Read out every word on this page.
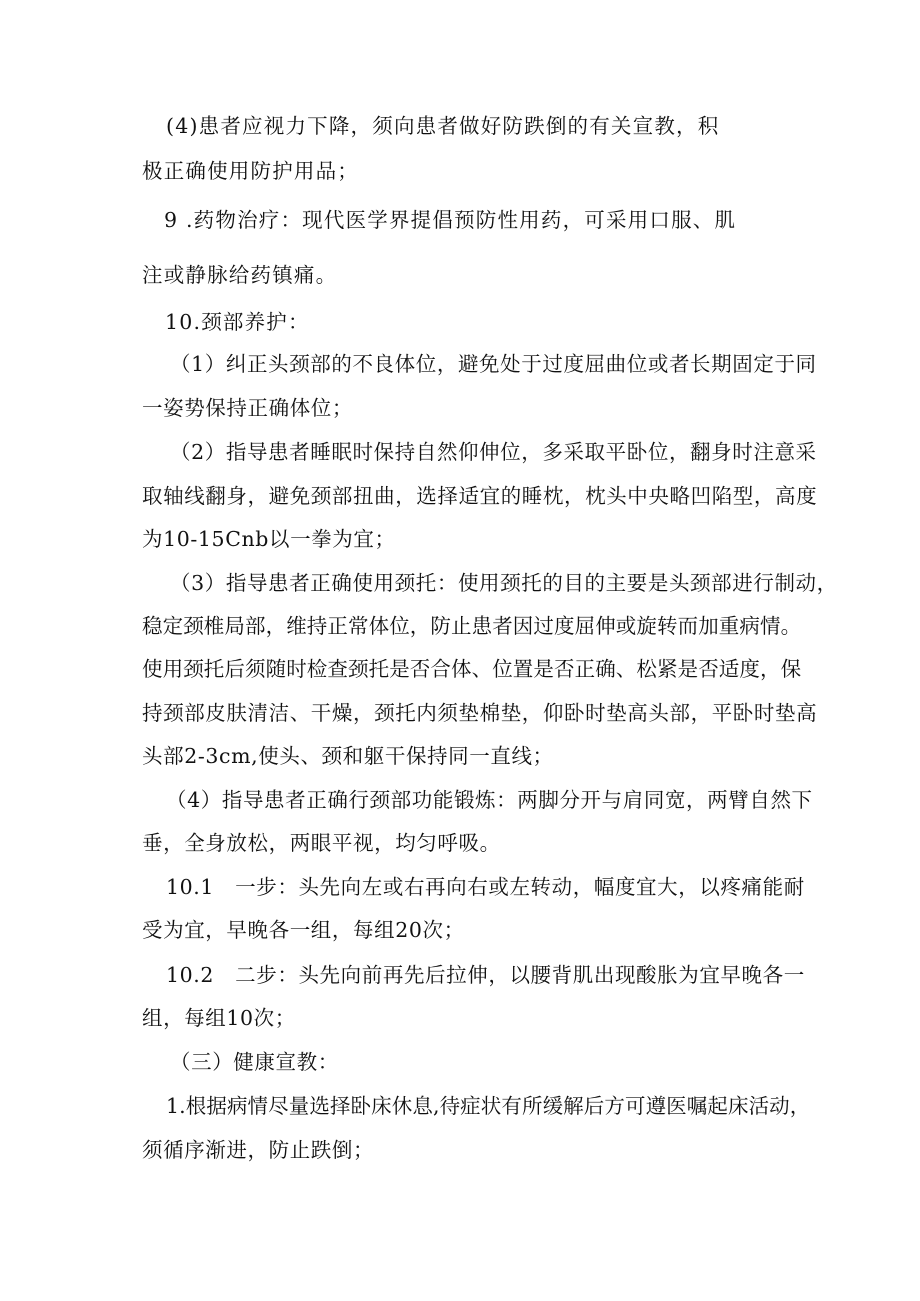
(4)患者应视力下降，须向患者做好防跌倒的有关宣教，积
极正确使用防护用品；
9 .药物治疗：现代医学界提倡预防性用药，可采用口服、肌
注或静脉给药镇痛。
10.颈部养护：
（1）纠正头颈部的不良体位，避免处于过度屈曲位或者长期固定于同
一姿势保持正确体位；
（2）指导患者睡眠时保持自然仰伸位，多采取平卧位，翻身时注意采
取轴线翻身，避免颈部扭曲，选择适宜的睡枕，枕头中央略凹陷型，高度
为10-15Cnb以一拳为宜；
（3）指导患者正确使用颈托：使用颈托的目的主要是头颈部进行制动，
稳定颈椎局部，维持正常体位，防止患者因过度屈伸或旋转而加重病情。
使用颈托后须随时检查颈托是否合体、位置是否正确、松紧是否适度，保
持颈部皮肤清洁、干燥，颈托内须垫棉垫，仰卧时垫高头部，平卧时垫高
头部2-3cm,使头、颈和躯干保持同一直线；
（4）指导患者正确行颈部功能锻炼：两脚分开与肩同宽，两臂自然下
垂，全身放松，两眼平视，均匀呼吸。
10.1　一步：头先向左或右再向右或左转动，幅度宜大，以疼痛能耐
受为宜，早晚各一组，每组20次；
10.2　二步：头先向前再先后拉伸，以腰背肌出现酸胀为宜早晚各一
组，每组10次；
（三）健康宣教：
1.根据病情尽量选择卧床休息,待症状有所缓解后方可遵医嘱起床活动，
须循序渐进，防止跌倒；
